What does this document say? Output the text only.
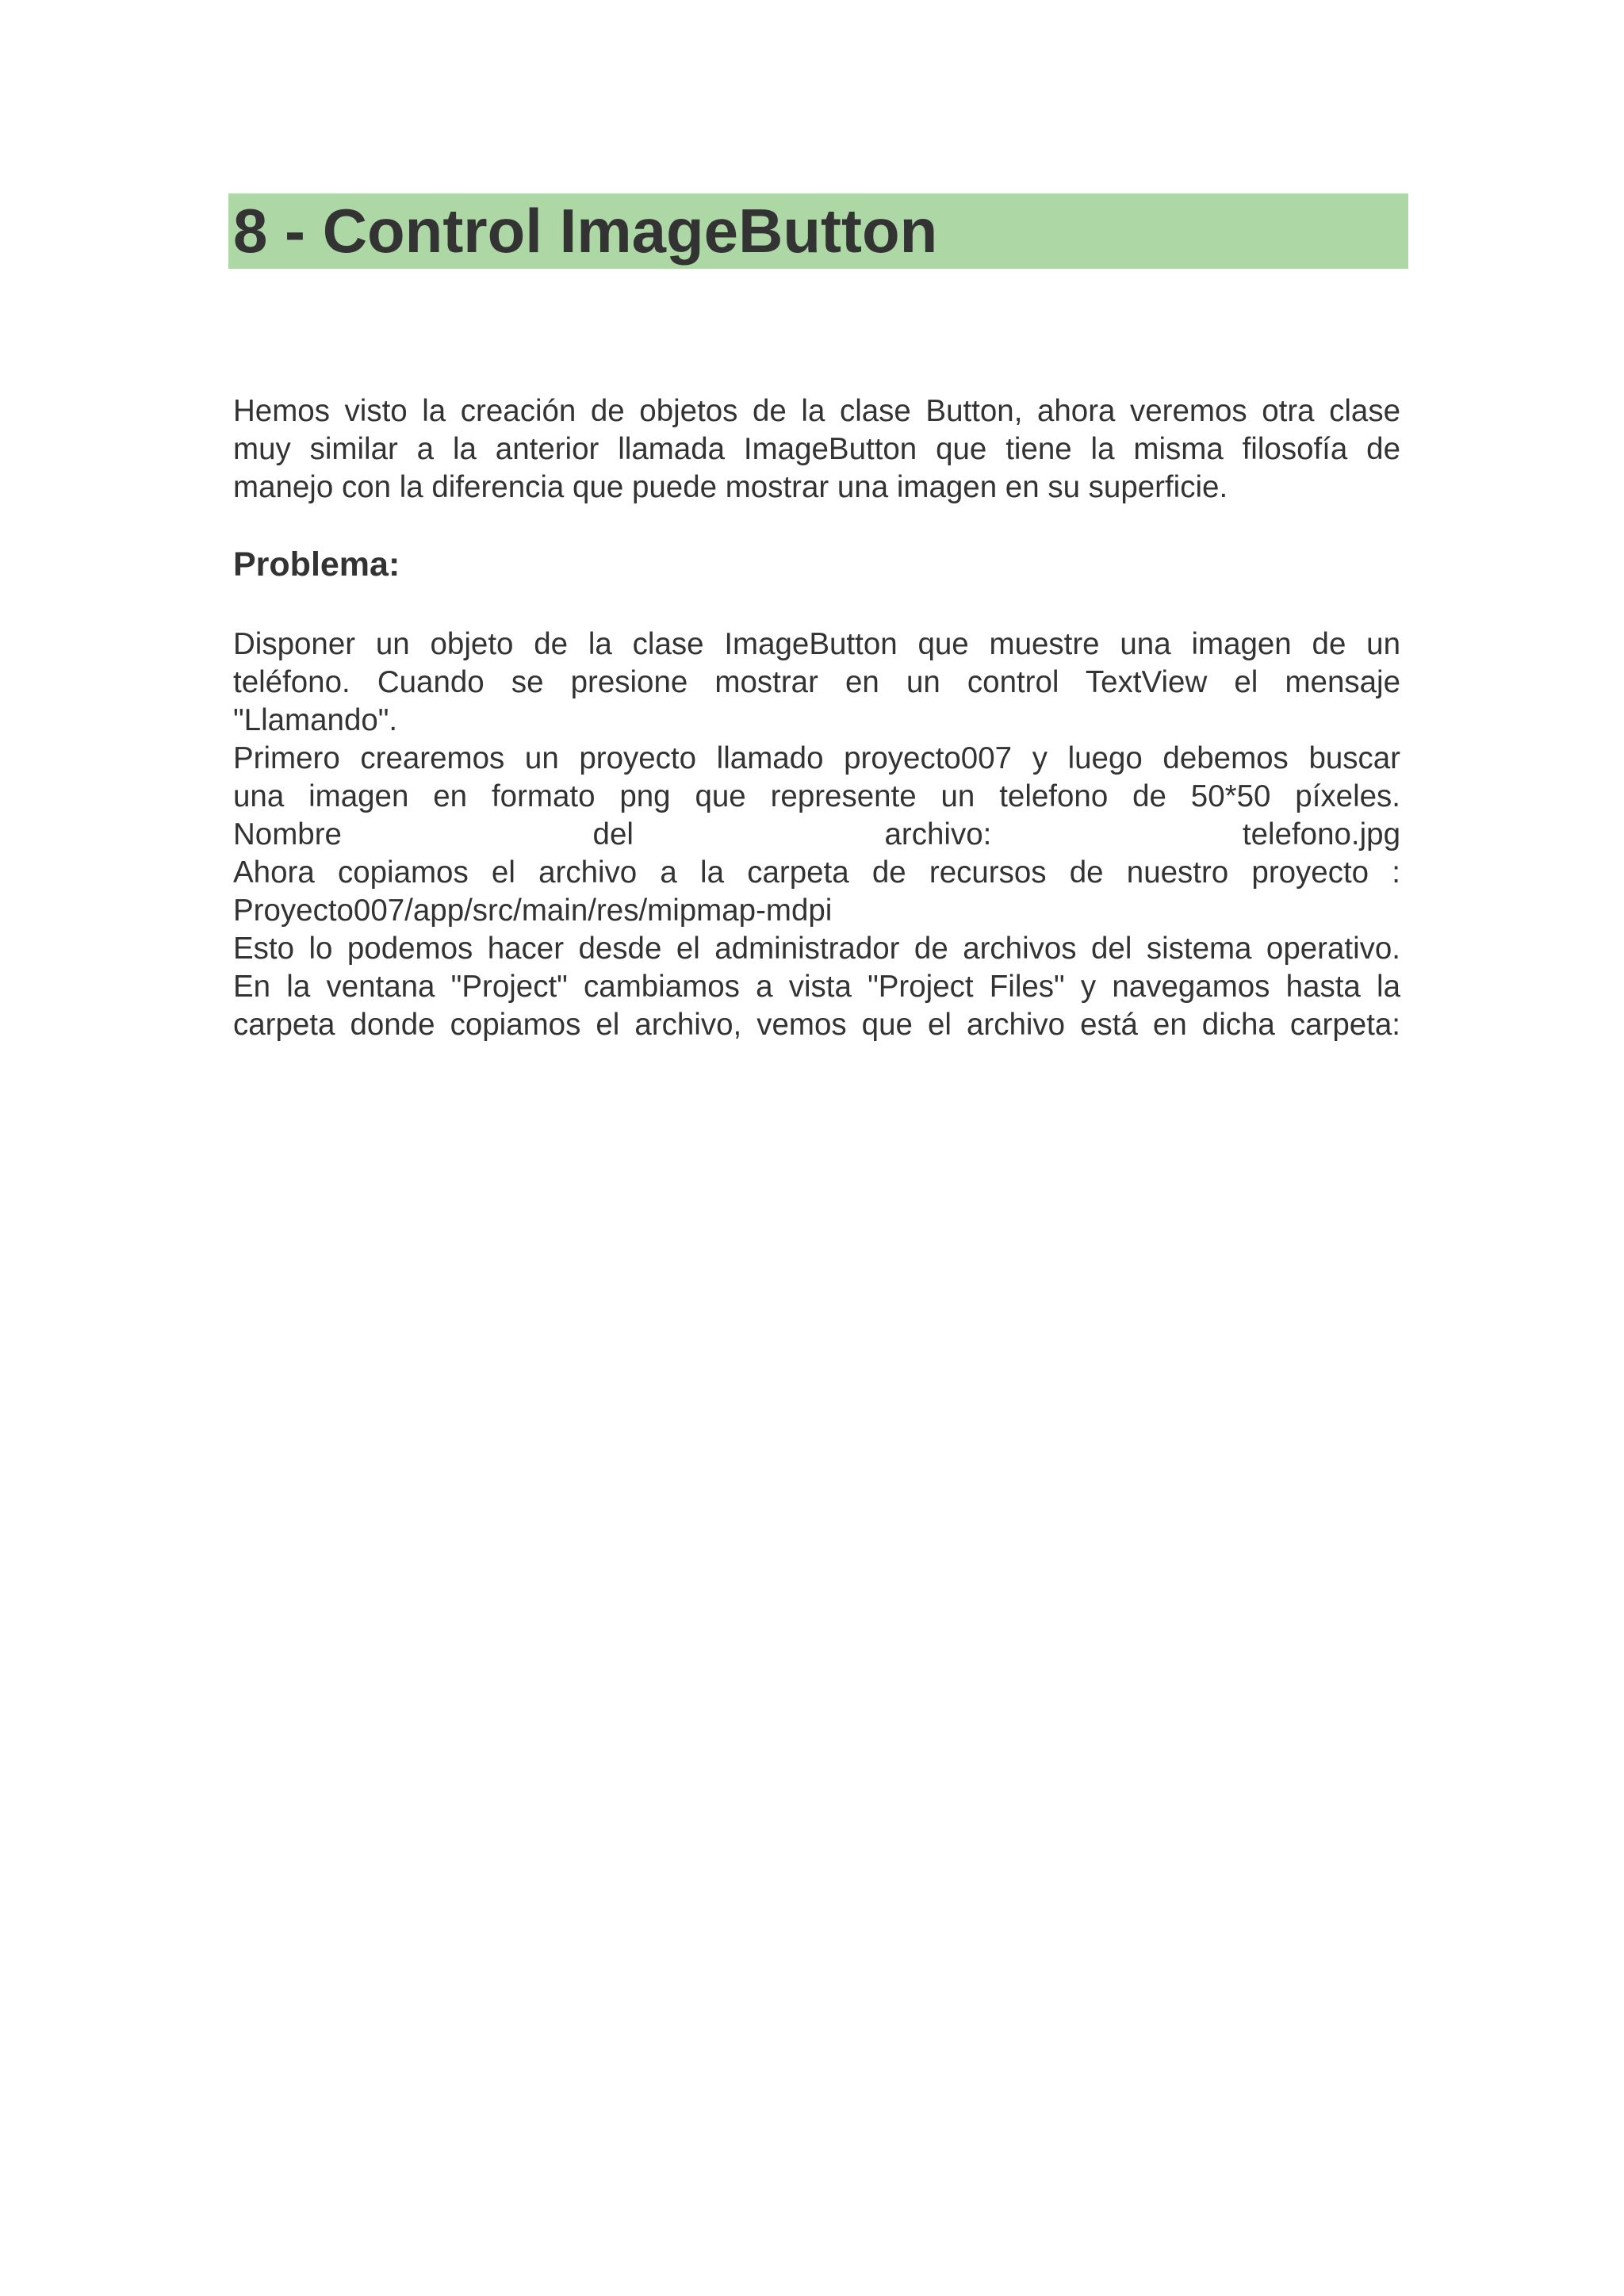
8 - Control ImageButton
Hemos visto la creación de objetos de la clase Button, ahora veremos otra clase
muy similar a la anterior llamada ImageButton que tiene la misma filosofía de
manejo con la diferencia que puede mostrar una imagen en su superficie.
Problema:
Disponer un objeto de la clase ImageButton que muestre una imagen de un
teléfono. Cuando se presione mostrar en un control TextView el mensaje
"Llamando".
Primero crearemos un proyecto llamado proyecto007 y luego debemos buscar
una imagen en formato png que represente un telefono de 50*50 píxeles.
Nombre del archivo: telefono.jpg
Ahora copiamos el archivo a la carpeta de recursos de nuestro proyecto :
Proyecto007/app/src/main/res/mipmap-mdpi
Esto lo podemos hacer desde el administrador de archivos del sistema operativo.
En la ventana "Project" cambiamos a vista "Project Files" y navegamos hasta la
carpeta donde copiamos el archivo, vemos que el archivo está en dicha carpeta:
